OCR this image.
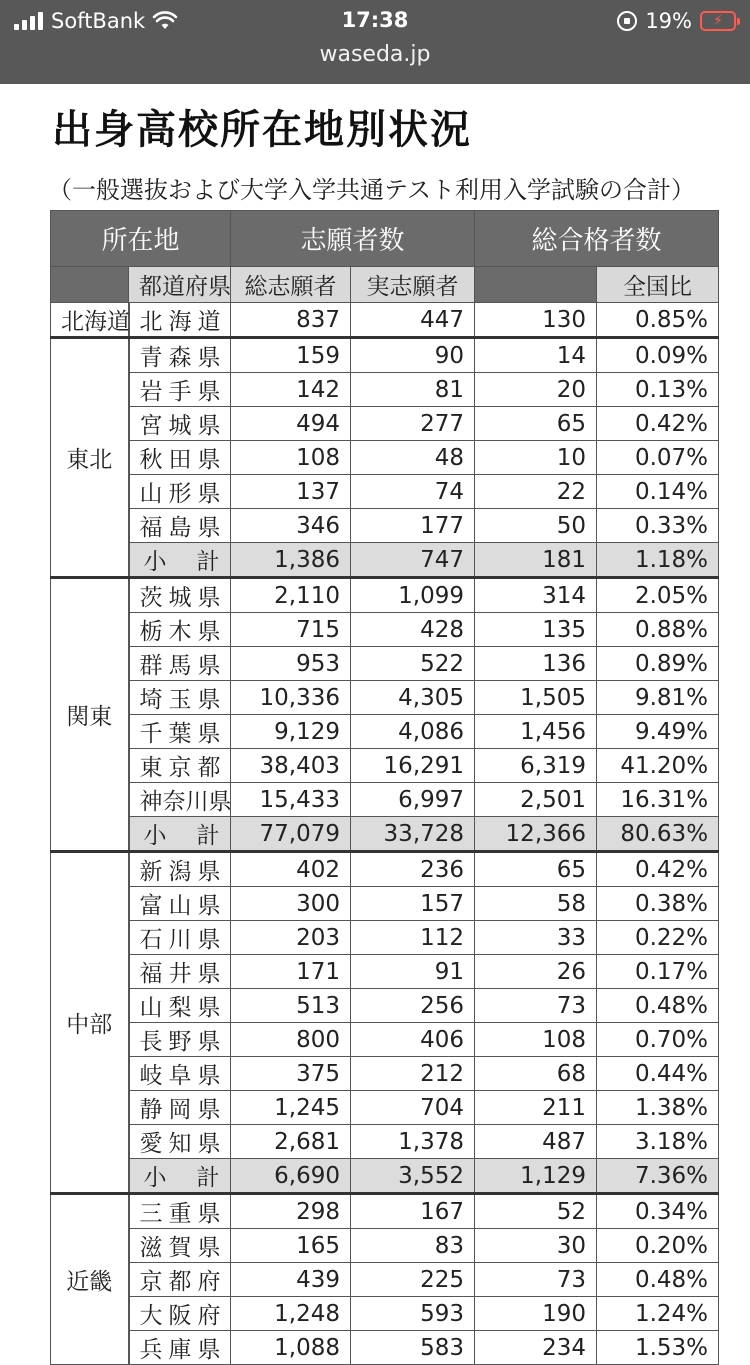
SoftBank	17:38	19% ⚡
waseda.jp
出身高校所在地別状況
（一般選抜および大学入学共通テスト利用入学試験の合計）
所在地		志願者数		総合格者数	
	都道府県	総志願者	実志願者		全国比
北海道	北海道	837	447	130	0.85%
東北	青森県	159	90	14	0.09%
	岩手県	142	81	20	0.13%
	宮城県	494	277	65	0.42%
	秋田県	108	48	10	0.07%
	山形県	137	74	22	0.14%
	福島県	346	177	50	0.33%
	小計	1,386	747	181	1.18%
関東	茨城県	2,110	1,099	314	2.05%
	栃木県	715	428	135	0.88%
	群馬県	953	522	136	0.89%
	埼玉県	10,336	4,305	1,505	9.81%
	千葉県	9,129	4,086	1,456	9.49%
	東京都	38,403	16,291	6,319	41.20%
	神奈川県	15,433	6,997	2,501	16.31%
	小計	77,079	33,728	12,366	80.63%
中部	新潟県	402	236	65	0.42%
	富山県	300	157	58	0.38%
	石川県	203	112	33	0.22%
	福井県	171	91	26	0.17%
	山梨県	513	256	73	0.48%
	長野県	800	406	108	0.70%
	岐阜県	375	212	68	0.44%
	静岡県	1,245	704	211	1.38%
	愛知県	2,681	1,378	487	3.18%
	小計	6,690	3,552	1,129	7.36%
近畿	三重県	298	167	52	0.34%
	滋賀県	165	83	30	0.20%
	京都府	439	225	73	0.48%
	大阪府	1,248	593	190	1.24%
	兵庫県	1,088	583	234	1.53%
